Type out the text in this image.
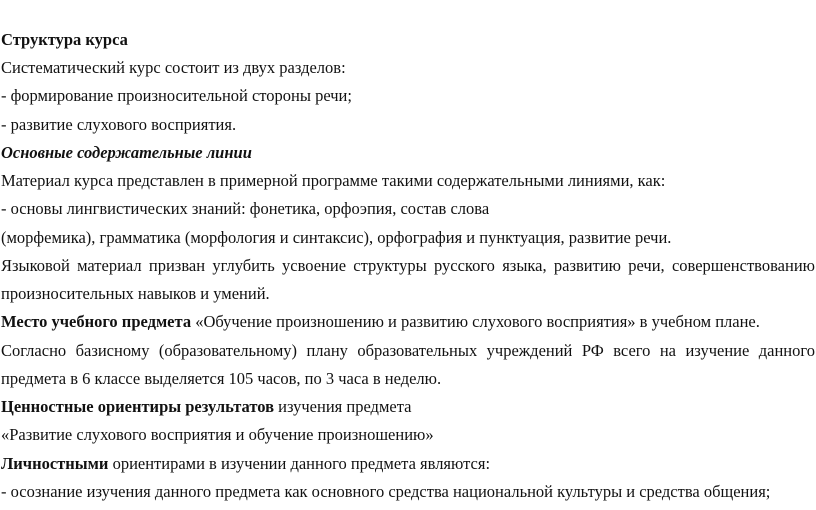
Структура курса
Систематический курс состоит из двух разделов:
- формирование произносительной стороны речи;
- развитие слухового восприятия.
Основные содержательные линии
Материал курса представлен в примерной программе такими содержательными линиями, как:
- основы лингвистических знаний: фонетика, орфоэпия, состав слова
(морфемика), грамматика (морфология и синтаксис), орфография и пунктуация, развитие речи.
Языковой материал призван углубить усвоение структуры русского языка, развитию речи, совершенствованию
произносительных навыков и умений.
Место учебного предмета «Обучение произношению и развитию слухового восприятия» в учебном плане.
Согласно базисному (образовательному) плану образовательных учреждений РФ всего на изучение данного
предмета в 6 классе выделяется 105 часов, по 3 часа в неделю.
Ценностные ориентиры результатов изучения предмета
«Развитие слухового восприятия и обучение произношению»
Личностными ориентирами в изучении данного предмета являются:
- осознание изучения данного предмета как основного средства национальной культуры и средства общения;
